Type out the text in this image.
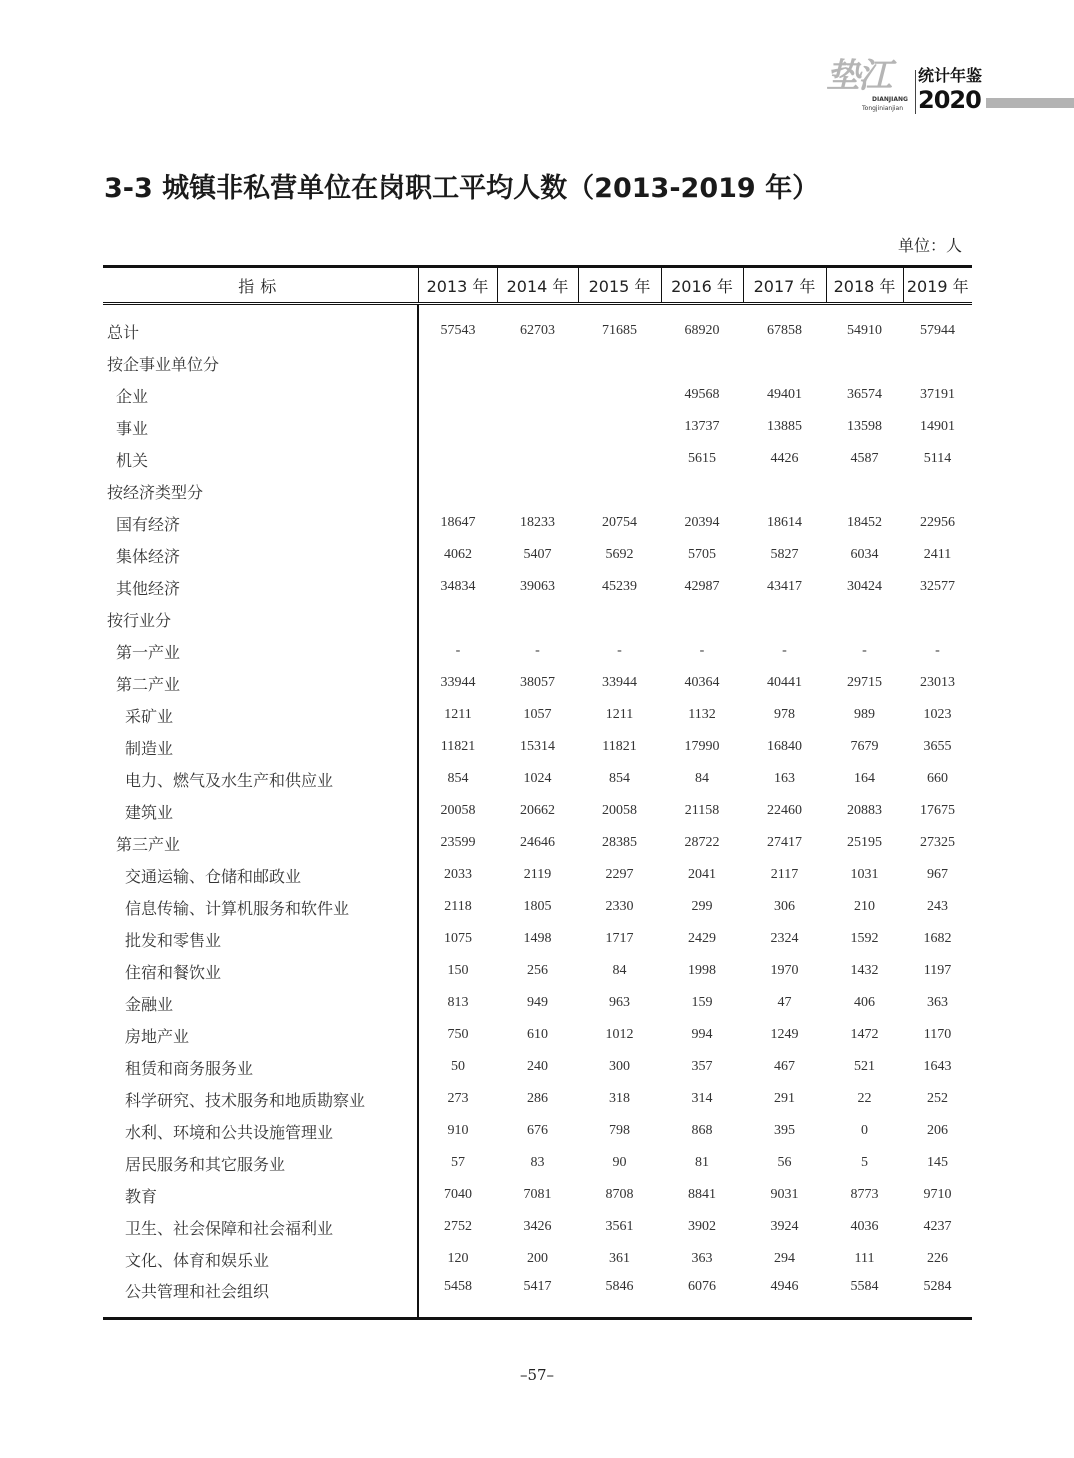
垫江
DIANJIANG
Tongjinianjian
统计年鉴
2020
3-3 城镇非私营单位在岗职工平均人数（2013-2019 年）
单位：人
指标	2013 年	2014 年	2015 年	2016 年	2017 年	2018 年	2019 年
总计	57543	62703	71685	68920	67858	54910	57944
按企事业单位分							
企业				49568	49401	36574	37191
事业				13737	13885	13598	14901
机关				5615	4426	4587	5114
按经济类型分							
国有经济	18647	18233	20754	20394	18614	18452	22956
集体经济	4062	5407	5692	5705	5827	6034	2411
其他经济	34834	39063	45239	42987	43417	30424	32577
按行业分							
第一产业	-	-	-	-	-	-	-
第二产业	33944	38057	33944	40364	40441	29715	23013
采矿业	1211	1057	1211	1132	978	989	1023
制造业	11821	15314	11821	17990	16840	7679	3655
电力、燃气及水生产和供应业	854	1024	854	84	163	164	660
建筑业	20058	20662	20058	21158	22460	20883	17675
第三产业	23599	24646	28385	28722	27417	25195	27325
交通运输、仓储和邮政业	2033	2119	2297	2041	2117	1031	967
信息传输、计算机服务和软件业	2118	1805	2330	299	306	210	243
批发和零售业	1075	1498	1717	2429	2324	1592	1682
住宿和餐饮业	150	256	84	1998	1970	1432	1197
金融业	813	949	963	159	47	406	363
房地产业	750	610	1012	994	1249	1472	1170
租赁和商务服务业	50	240	300	357	467	521	1643
科学研究、技术服务和地质勘察业	273	286	318	314	291	22	252
水利、环境和公共设施管理业	910	676	798	868	395	0	206
居民服务和其它服务业	57	83	90	81	56	5	145
教育	7040	7081	8708	8841	9031	8773	9710
卫生、社会保障和社会福利业	2752	3426	3561	3902	3924	4036	4237
文化、体育和娱乐业	120	200	361	363	294	111	226
公共管理和社会组织	5458	5417	5846	6076	4946	5584	5284
–57–
